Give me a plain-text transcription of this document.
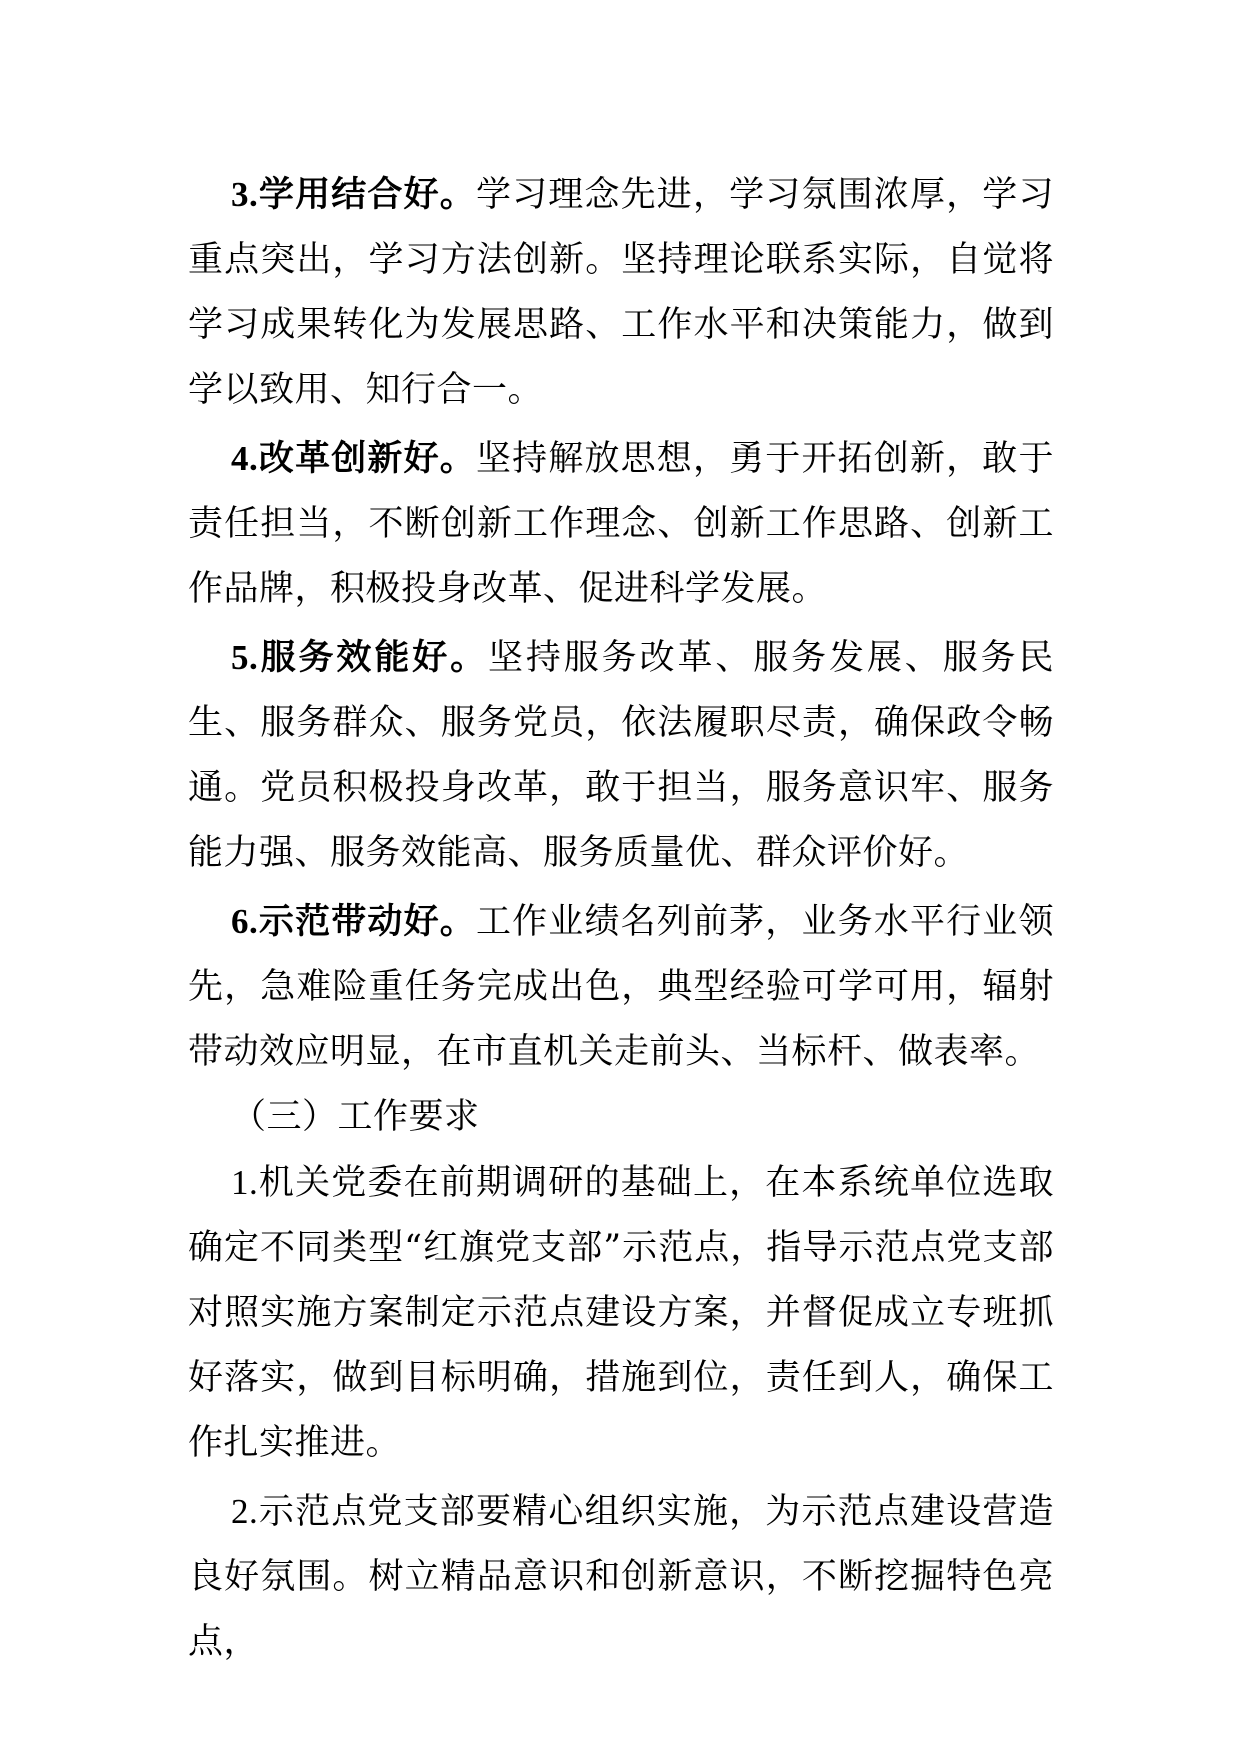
3.学用结合好。学习理念先进，学习氛围浓厚，学习重点突出，学习方法创新。坚持理论联系实际，自觉将学习成果转化为发展思路、工作水平和决策能力，做到学以致用、知行合一。

4.改革创新好。坚持解放思想，勇于开拓创新，敢于责任担当，不断创新工作理念、创新工作思路、创新工作品牌，积极投身改革、促进科学发展。

5.服务效能好。坚持服务改革、服务发展、服务民生、服务群众、服务党员，依法履职尽责，确保政令畅通。党员积极投身改革，敢于担当，服务意识牢、服务能力强、服务效能高、服务质量优、群众评价好。

6.示范带动好。工作业绩名列前茅，业务水平行业领先，急难险重任务完成出色，典型经验可学可用，辐射带动效应明显，在市直机关走前头、当标杆、做表率。

（三）工作要求

1.机关党委在前期调研的基础上，在本系统单位选取确定不同类型“红旗党支部”示范点，指导示范点党支部对照实施方案制定示范点建设方案，并督促成立专班抓好落实，做到目标明确，措施到位，责任到人，确保工作扎实推进。

2.示范点党支部要精心组织实施，为示范点建设营造良好氛围。树立精品意识和创新意识，不断挖掘特色亮点，
